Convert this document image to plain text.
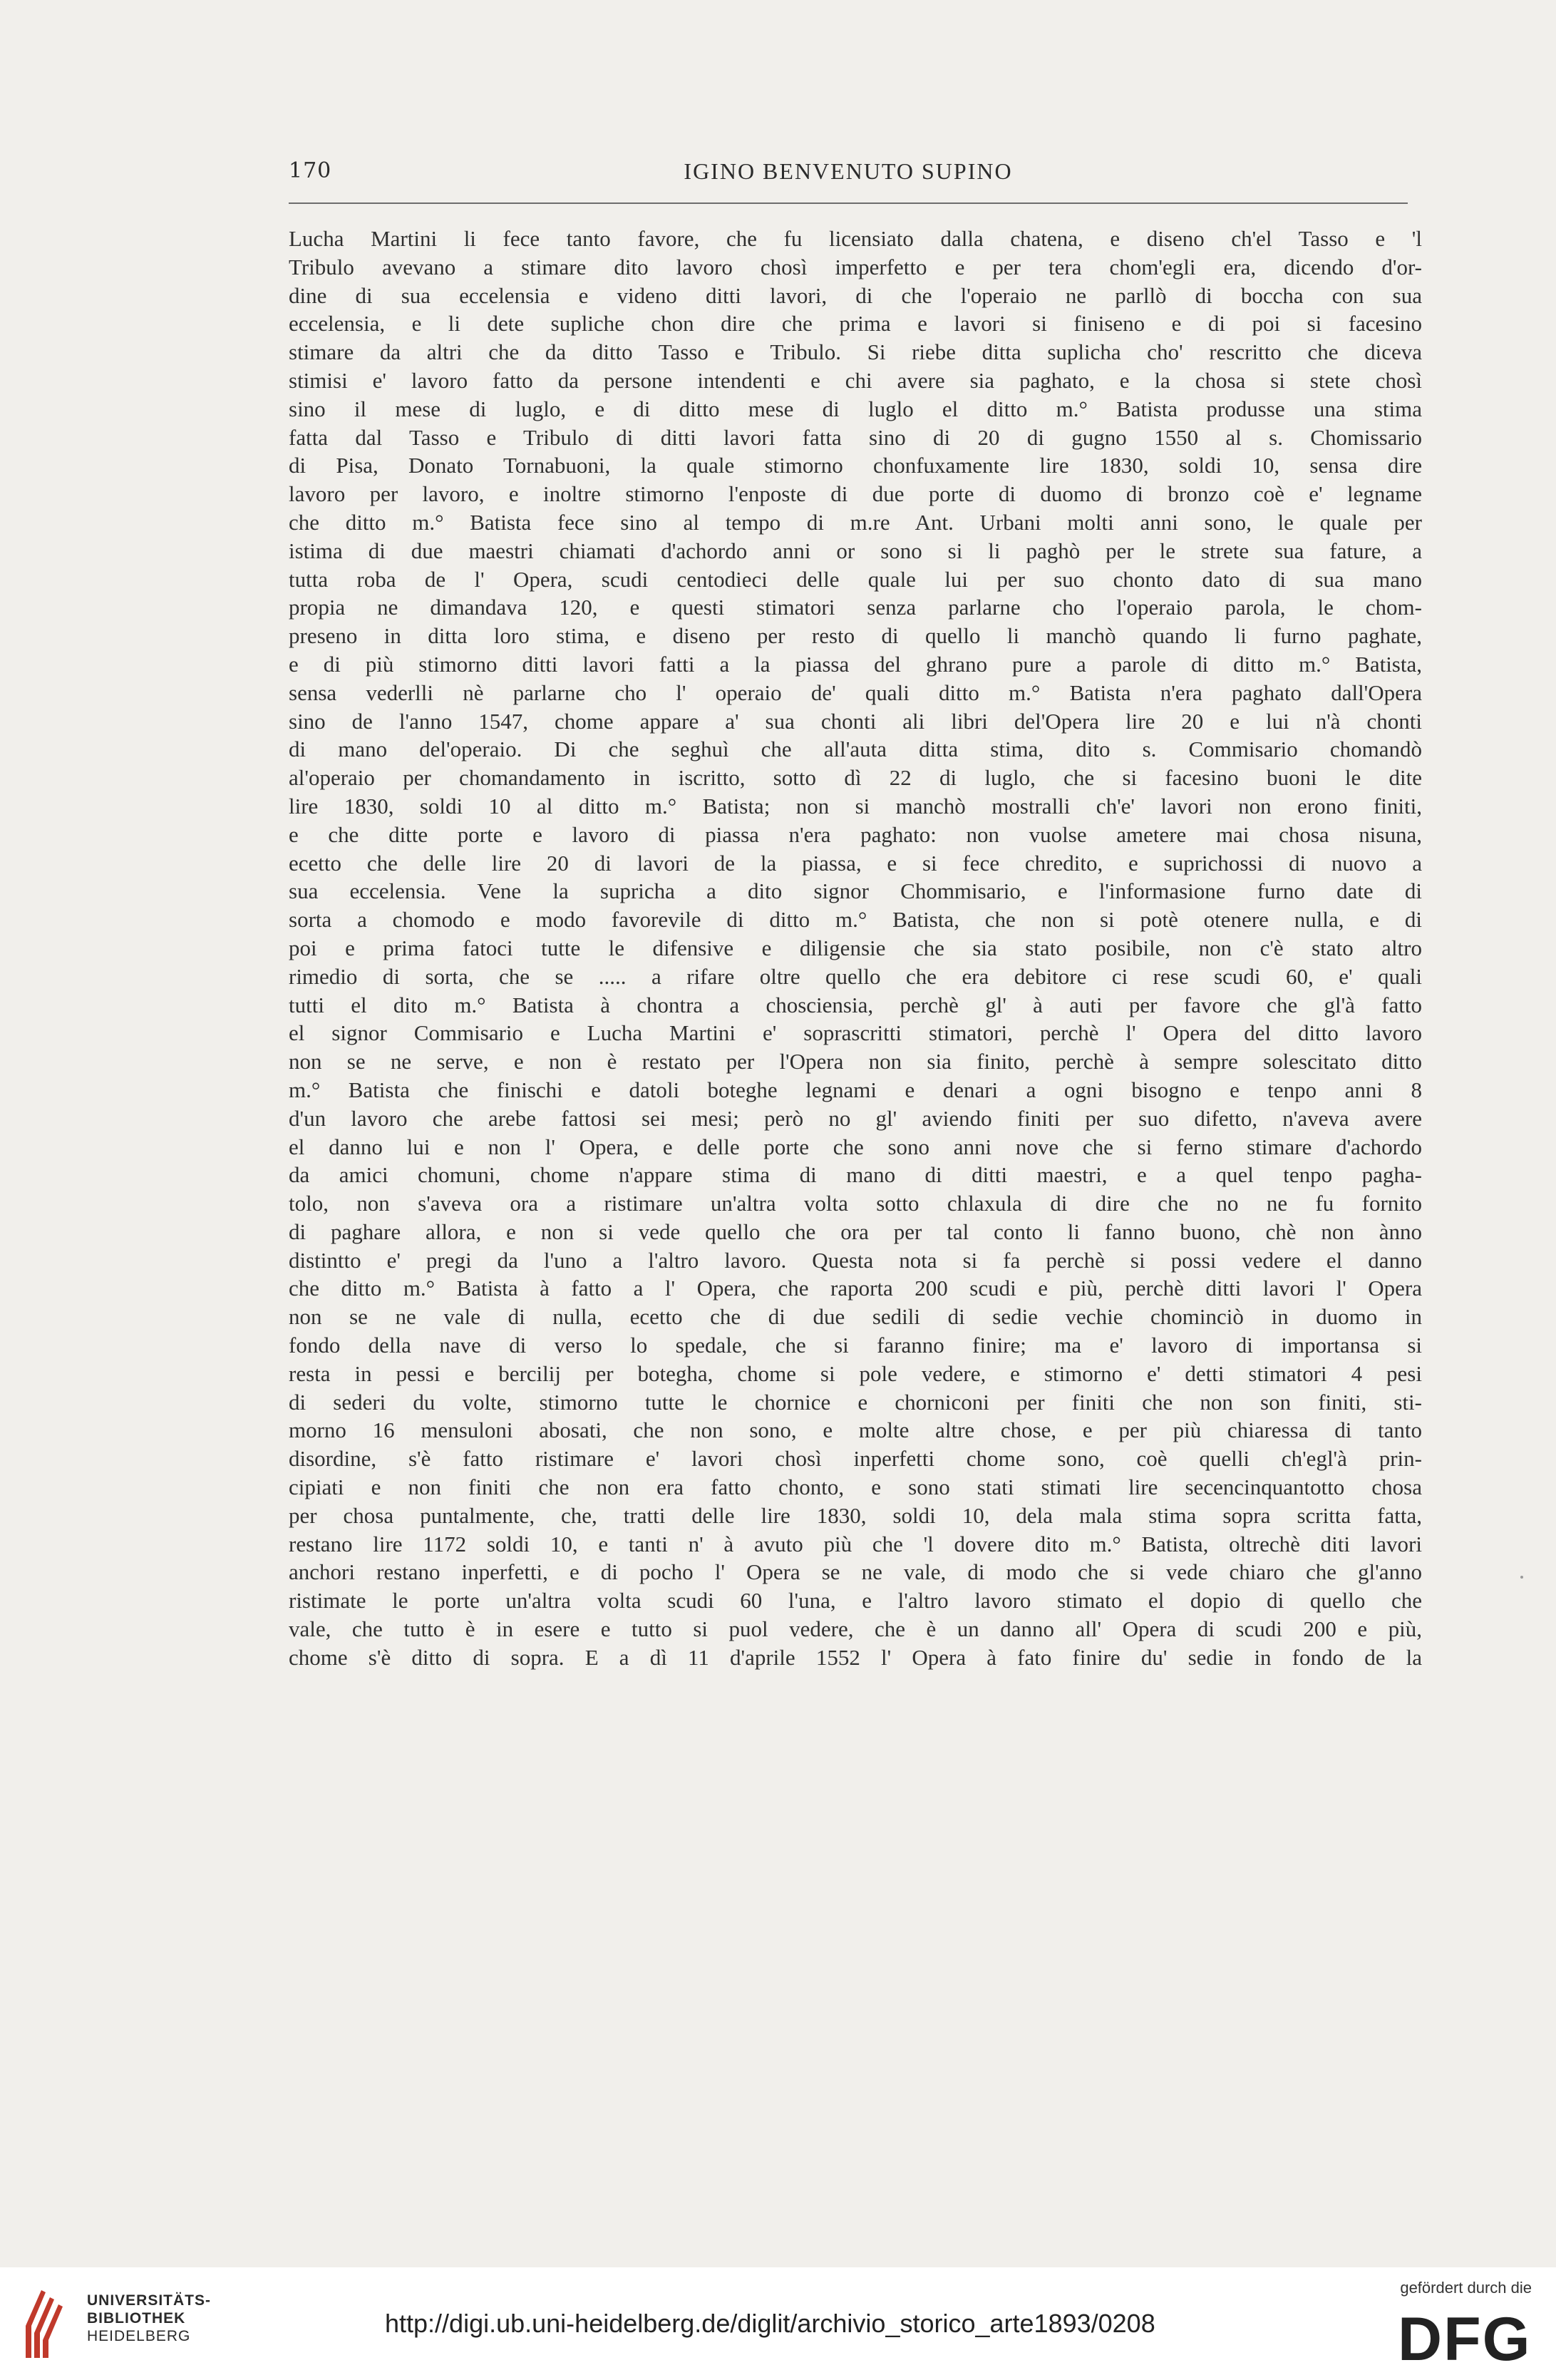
170	IGINO BENVENUTO SUPINO
Lucha Martini li fece tanto favore, che fu licensiato dalla chatena, e diseno ch'el Tasso e 'l
Tribulo avevano a stimare dito lavoro chosì imperfetto e per tera chom'egli era, dicendo d'or-
dine di sua eccelensia e videno ditti lavori, di che l'operaio ne parllò di boccha con sua
eccelensia, e li dete supliche chon dire che prima e lavori si finiseno e di poi si facesino
stimare da altri che da ditto Tasso e Tribulo. Si riebe ditta suplicha cho' rescritto che diceva
stimisi e' lavoro fatto da persone intendenti e chi avere sia paghato, e la chosa si stete chosì
sino il mese di luglo, e di ditto mese di luglo el ditto m.° Batista produsse una stima
fatta dal Tasso e Tribulo di ditti lavori fatta sino di 20 di gugno 1550 al s. Chomissario
di Pisa, Donato Tornabuoni, la quale stimorno chonfuxamente lire 1830, soldi 10, sensa dire
lavoro per lavoro, e inoltre stimorno l'enposte di due porte di duomo di bronzo coè e' legname
che ditto m.° Batista fece sino al tempo di m.re Ant. Urbani molti anni sono, le quale per
istima di due maestri chiamati d'achordo anni or sono si li paghò per le strete sua fature, a
tutta roba de l' Opera, scudi centodieci delle quale lui per suo chonto dato di sua mano
propia ne dimandava 120, e questi stimatori senza parlarne cho l'operaio parola, le chom-
preseno in ditta loro stima, e diseno per resto di quello li manchò quando li furno paghate,
e di più stimorno ditti lavori fatti a la piassa del ghrano pure a parole di ditto m.° Batista,
sensa vederlli nè parlarne cho l' operaio de' quali ditto m.° Batista n'era paghato dall'Opera
sino de l'anno 1547, chome appare a' sua chonti ali libri del'Opera lire 20 e lui n'à chonti
di mano del'operaio. Di che seghuì che all'auta ditta stima, dito s. Commisario chomandò
al'operaio per chomandamento in iscritto, sotto dì 22 di luglo, che si facesino buoni le dite
lire 1830, soldi 10 al ditto m.° Batista; non si manchò mostralli ch'e' lavori non erono finiti,
e che ditte porte e lavoro di piassa n'era paghato: non vuolse ametere mai chosa nisuna,
ecetto che delle lire 20 di lavori de la piassa, e si fece chredito, e suprichossi di nuovo a
sua eccelensia. Vene la supricha a dito signor Chommisario, e l'informasione furno date di
sorta a chomodo e modo favorevile di ditto m.° Batista, che non si potè otenere nulla, e di
poi e prima fatoci tutte le difensive e diligensie che sia stato posibile, non c'è stato altro
rimedio di sorta, che se ..... a rifare oltre quello che era debitore ci rese scudi 60, e' quali
tutti el dito m.° Batista à chontra a chosciensia, perchè gl' à auti per favore che gl'à fatto
el signor Commisario e Lucha Martini e' soprascritti stimatori, perchè l' Opera del ditto lavoro
non se ne serve, e non è restato per l'Opera non sia finito, perchè à sempre solescitato ditto
m.° Batista che finischi e datoli boteghe legnami e denari a ogni bisogno e tenpo anni 8
d'un lavoro che arebe fattosi sei mesi; però no gl' aviendo finiti per suo difetto, n'aveva avere
el danno lui e non l' Opera, e delle porte che sono anni nove che si ferno stimare d'achordo
da amici chomuni, chome n'appare stima di mano di ditti maestri, e a quel tenpo pagha-
tolo, non s'aveva ora a ristimare un'altra volta sotto chlaxula di dire che no ne fu fornito
di paghare allora, e non si vede quello che ora per tal conto li fanno buono, chè non ànno
distintto e' pregi da l'uno a l'altro lavoro. Questa nota si fa perchè si possi vedere el danno
che ditto m.° Batista à fatto a l' Opera, che raporta 200 scudi e più, perchè ditti lavori l' Opera
non se ne vale di nulla, ecetto che di due sedili di sedie vechie chominciò in duomo in
fondo della nave di verso lo spedale, che si faranno finire; ma e' lavoro di importansa si
resta in pessi e bercilij per botegha, chome si pole vedere, e stimorno e' detti stimatori 4 pesi
di sederi du volte, stimorno tutte le chornice e chorniconi per finiti che non son finiti, sti-
morno 16 mensuloni abosati, che non sono, e molte altre chose, e per più chiaressa di tanto
disordine, s'è fatto ristimare e' lavori chosì inperfetti chome sono, coè quelli ch'egl'à prin-
cipiati e non finiti che non era fatto chonto, e sono stati stimati lire secencinquantotto chosa
per chosa puntalmente, che, tratti delle lire 1830, soldi 10, dela mala stima sopra scritta fatta,
restano lire 1172 soldi 10, e tanti n' à avuto più che 'l dovere dito m.° Batista, oltrechè diti lavori
anchori restano inperfetti, e di pocho l' Opera se ne vale, di modo che si vede chiaro che gl'anno
ristimate le porte un'altra volta scudi 60 l'una, e l'altro lavoro stimato el dopio di quello che
vale, che tutto è in esere e tutto si puol vedere, che è un danno all' Opera di scudi 200 e più,
chome s'è ditto di sopra. E a dì 11 d'aprile 1552 l' Opera à fato finire du' sedie in fondo de la
UNIVERSITÄTS-
BIBLIOTHEK
HEIDELBERG	http://digi.ub.uni-heidelberg.de/diglit/archivio_storico_arte1893/0208
gefördert durch die
DFG
